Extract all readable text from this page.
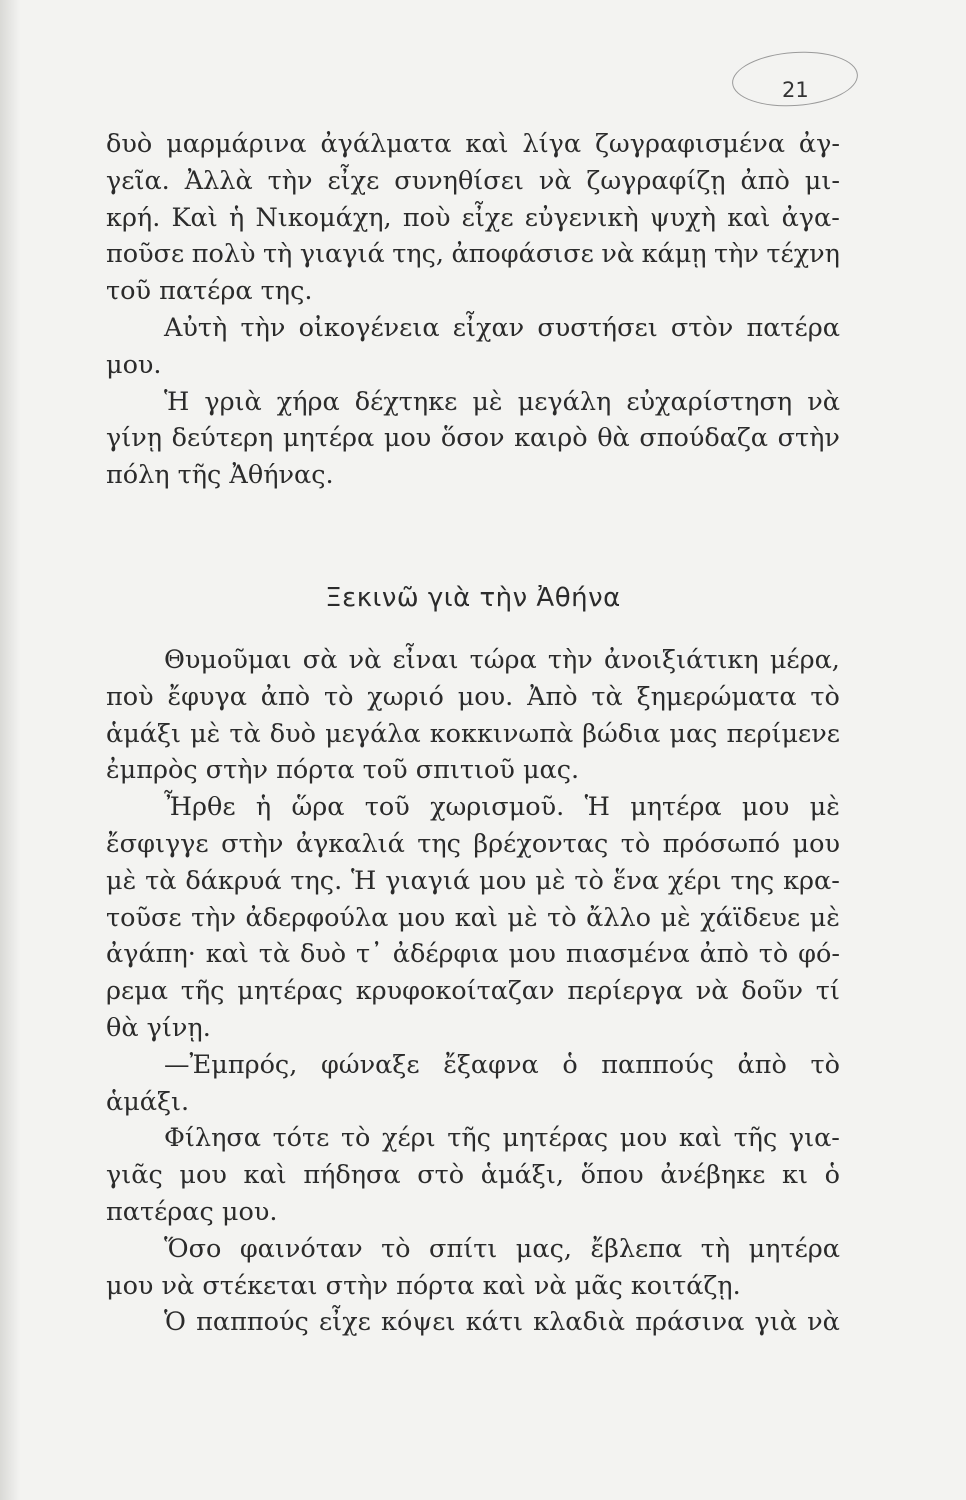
21
δυὸ μαρμάρινα ἀγάλματα καὶ λίγα ζωγραφισμένα ἀγ-
γεῖα. Ἀλλὰ τὴν εἶχε συνηθίσει νὰ ζωγραφίζῃ ἀπὸ μι-
κρή. Καὶ ἡ Νικομάχη, ποὺ εἶχε εὐγενικὴ ψυχὴ καὶ ἀγα-
ποῦσε πολὺ τὴ γιαγιά της, ἀποφάσισε νὰ κάμῃ τὴν τέχνη
τοῦ πατέρα της.
Αὐτὴ τὴν οἰκογένεια εἶχαν συστήσει στὸν πατέρα
μου.
Ἡ γριὰ χήρα δέχτηκε μὲ μεγάλη εὐχαρίστηση νὰ
γίνῃ δεύτερη μητέρα μου ὅσον καιρὸ θὰ σπούδαζα στὴν
πόλη τῆς Ἀθήνας.
Ξεκινῶ γιὰ τὴν Ἀθήνα
Θυμοῦμαι σὰ νὰ εἶναι τώρα τὴν ἀνοιξιάτικη μέρα,
ποὺ ἔφυγα ἀπὸ τὸ χωριό μου. Ἀπὸ τὰ ξημερώματα τὸ
ἁμάξι μὲ τὰ δυὸ μεγάλα κοκκινωπὰ βώδια μας περίμενε
ἐμπρὸς στὴν πόρτα τοῦ σπιτιοῦ μας.
Ἦρθε ἡ ὥρα τοῦ χωρισμοῦ. Ἡ μητέρα μου μὲ
ἔσφιγγε στὴν ἀγκαλιά της βρέχοντας τὸ πρόσωπό μου
μὲ τὰ δάκρυά της. Ἡ γιαγιά μου μὲ τὸ ἕνα χέρι της κρα-
τοῦσε τὴν ἀδερφούλα μου καὶ μὲ τὸ ἄλλο μὲ χάϊδευε μὲ
ἀγάπη· καὶ τὰ δυὸ τ᾿ ἀδέρφια μου πιασμένα ἀπὸ τὸ φό-
ρεμα τῆς μητέρας κρυφοκοίταζαν περίεργα νὰ δοῦν τί
θὰ γίνῃ.
—Ἐμπρός, φώναξε ἔξαφνα ὁ παππούς ἀπὸ τὸ
ἁμάξι.
Φίλησα τότε τὸ χέρι τῆς μητέρας μου καὶ τῆς για-
γιᾶς μου καὶ πήδησα στὸ ἁμάξι, ὅπου ἀνέβηκε κι ὁ
πατέρας μου.
Ὅσο φαινόταν τὸ σπίτι μας, ἔβλεπα τὴ μητέρα
μου νὰ στέκεται στὴν πόρτα καὶ νὰ μᾶς κοιτάζῃ.
Ὁ παππούς εἶχε κόψει κάτι κλαδιὰ πράσινα γιὰ νὰ
